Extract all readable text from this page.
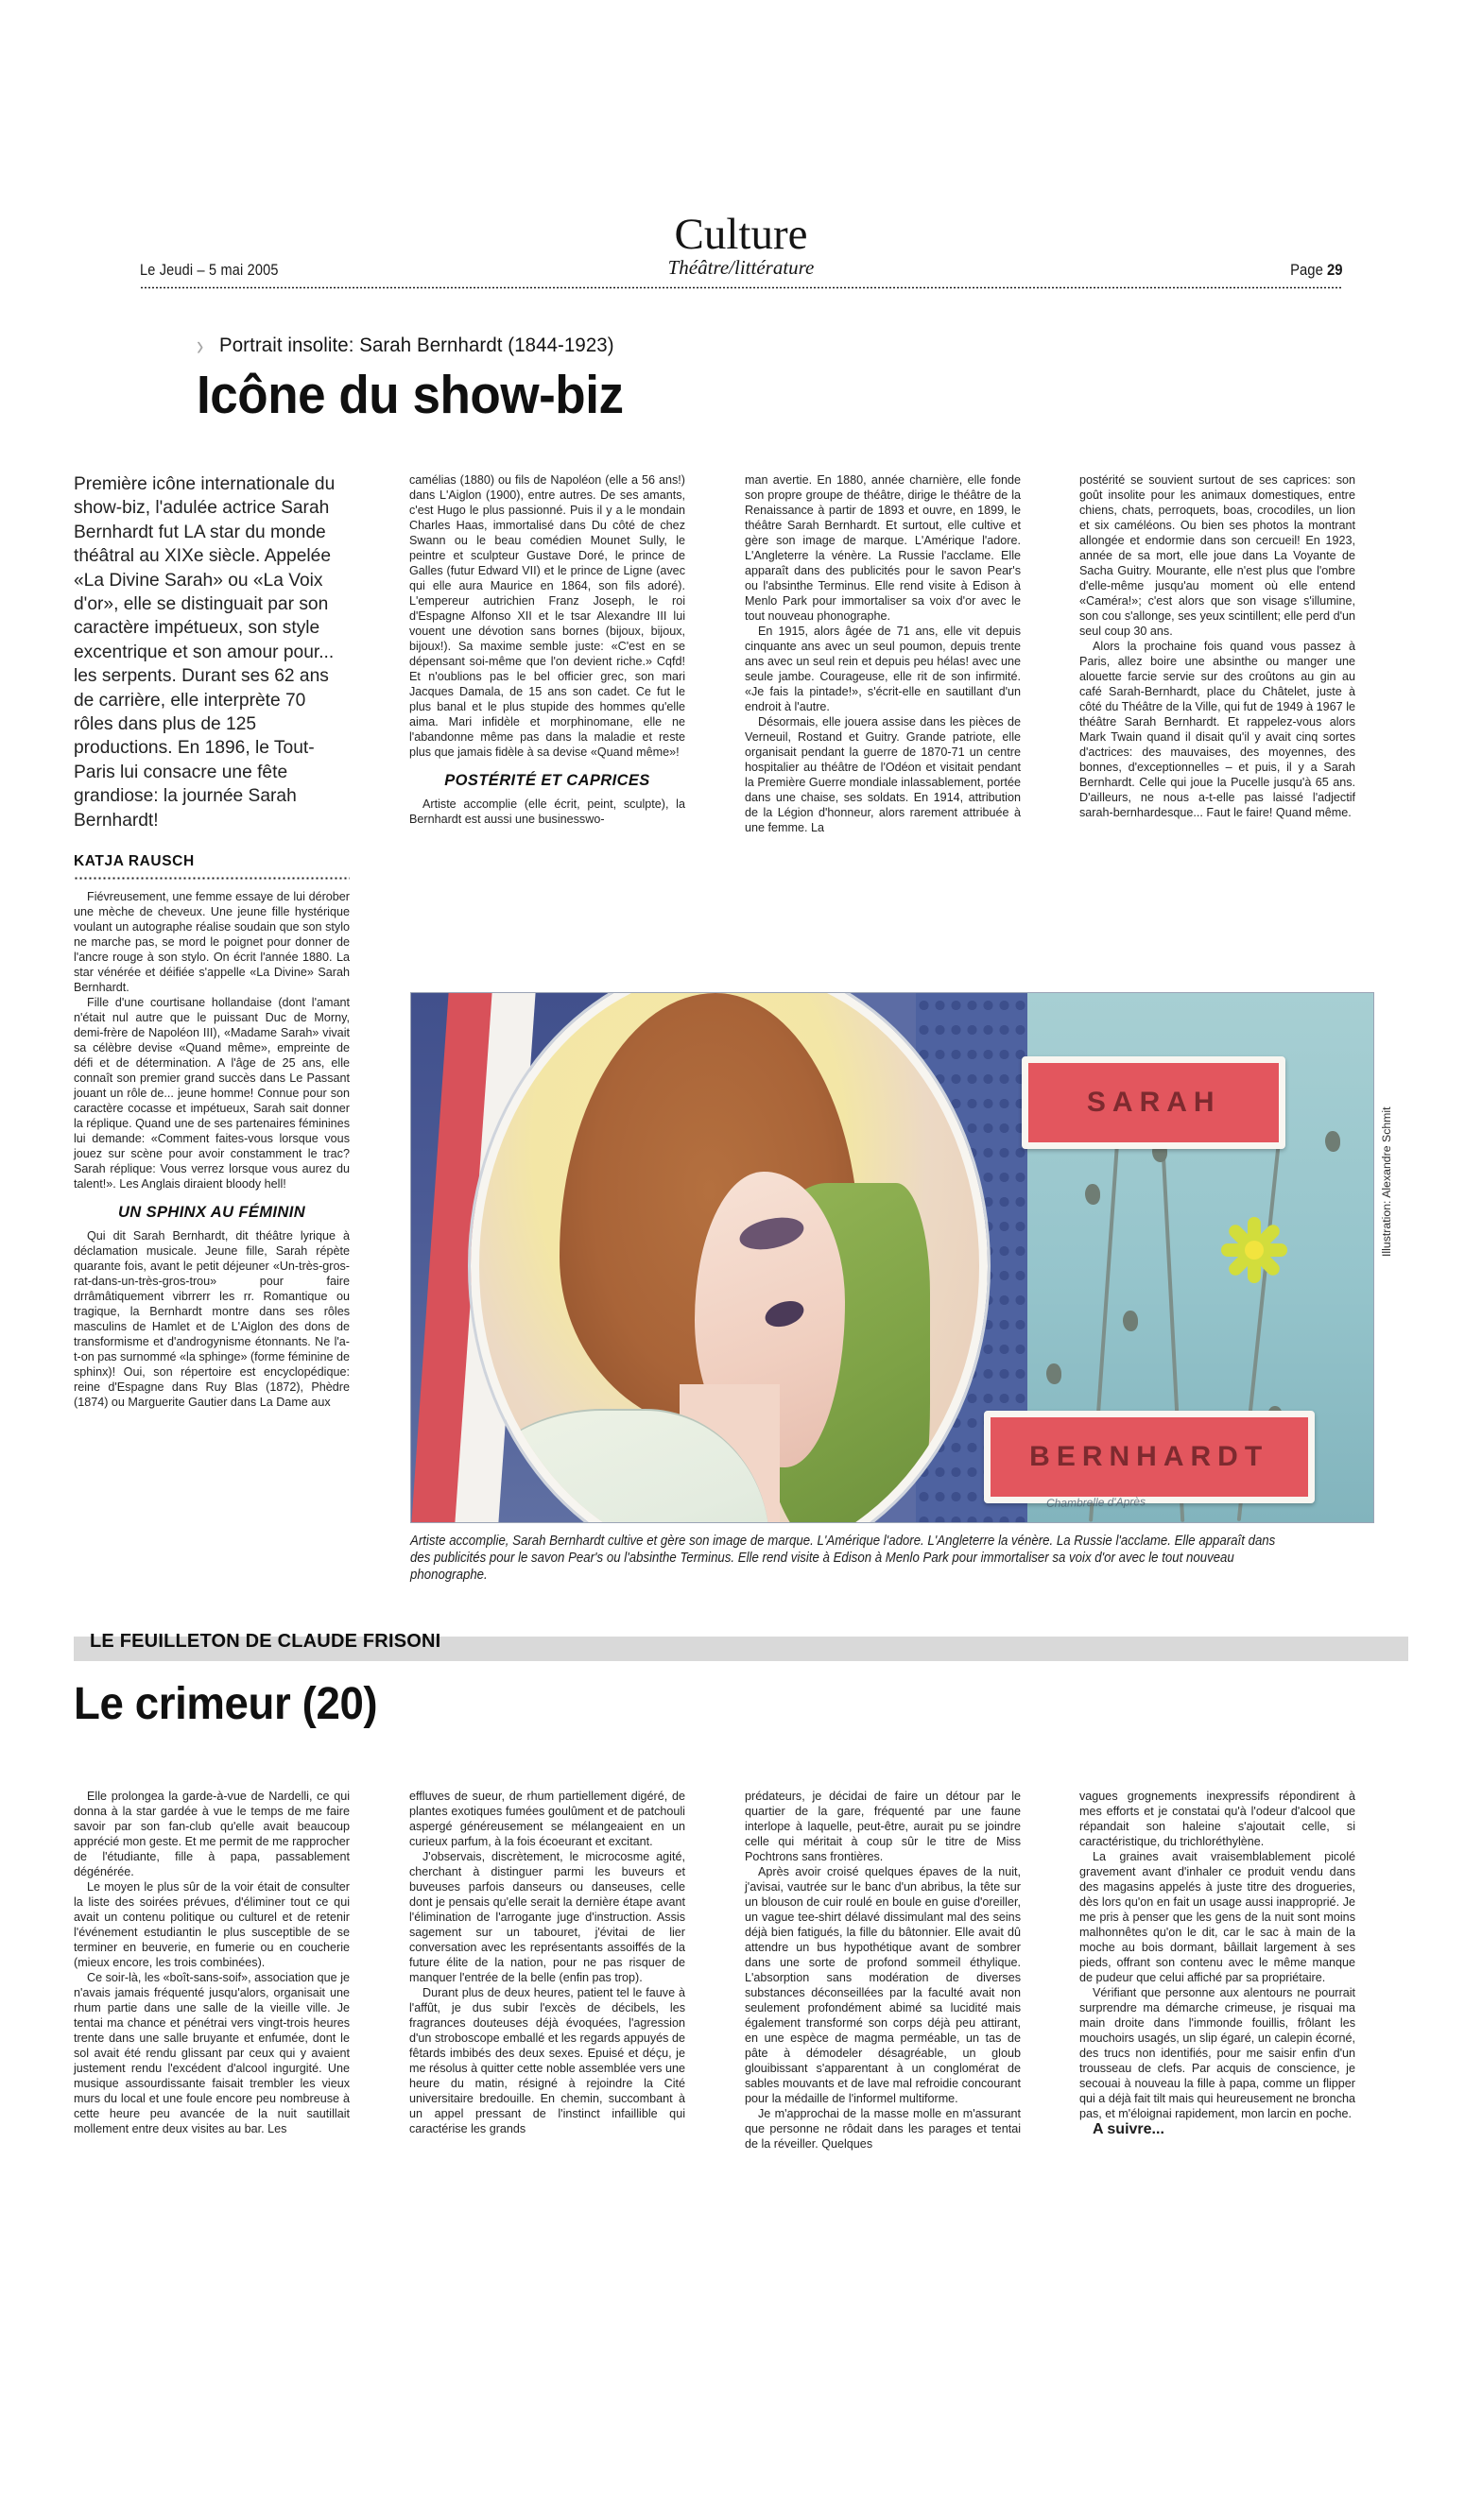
Culture
Le Jeudi – 5 mai 2005	Théâtre/littérature	Page 29
› Portrait insolite: Sarah Bernhardt (1844-1923)
Icône du show-biz

Première icône internationale du show-biz, l'adulée actrice Sarah Bernhardt fut LA star du monde théâtral au XIXe siècle. Appelée «La Divine Sarah» ou «La Voix d'or», elle se distinguait par son caractère impétueux, son style excentrique et son amour pour... les serpents. Durant ses 62 ans de carrière, elle interprète 70 rôles dans plus de 125 productions. En 1896, le Tout-Paris lui consacre une fête grandiose: la journée Sarah Bernhardt!

KATJA RAUSCH

Fiévreusement, une femme essaye de lui dérober une mèche de cheveux. Une jeune fille hystérique voulant un autographe réalise soudain que son stylo ne marche pas, se mord le poignet pour donner de l'ancre rouge à son stylo. On écrit l'année 1880. La star vénérée et déifiée s'appelle «La Divine» Sarah Bernhardt.

Fille d'une courtisane hollandaise (dont l'amant n'était nul autre que le puissant Duc de Morny, demi-frère de Napoléon III), «Madame Sarah» vivait sa célèbre devise «Quand même», empreinte de défi et de détermination. A l'âge de 25 ans, elle connaît son premier grand succès dans Le Passant jouant un rôle de... jeune homme! Connue pour son caractère cocasse et impétueux, Sarah sait donner la réplique. Quand une de ses partenaires féminines lui demande: «Comment faites-vous lorsque vous jouez sur scène pour avoir constamment le trac? Sarah réplique: Vous verrez lorsque vous aurez du talent!». Les Anglais diraient bloody hell!

UN SPHINX AU FÉMININ

Qui dit Sarah Bernhardt, dit théâtre lyrique à déclamation musicale. Jeune fille, Sarah répète quarante fois, avant le petit déjeuner «Un-très-gros-rat-dans-un-très-gros-trou» pour faire drrâmâtiquement vibrrerr les rr. Romantique ou tragique, la Bernhardt montre dans ses rôles masculins de Hamlet et de L'Aiglon des dons de transformisme et d'androgynisme étonnants. Ne l'a-t-on pas surnommé «la sphinge» (forme féminine de sphinx)! Oui, son répertoire est encyclopédique: reine d'Espagne dans Ruy Blas (1872), Phèdre (1874) ou Marguerite Gautier dans La Dame aux

camélias (1880) ou fils de Napoléon (elle a 56 ans!) dans L'Aiglon (1900), entre autres. De ses amants, c'est Hugo le plus passionné. Puis il y a le mondain Charles Haas, immortalisé dans Du côté de chez Swann ou le beau comédien Mounet Sully, le peintre et sculpteur Gustave Doré, le prince de Galles (futur Edward VII) et le prince de Ligne (avec qui elle aura Maurice en 1864, son fils adoré). L'empereur autrichien Franz Joseph, le roi d'Espagne Alfonso XII et le tsar Alexandre III lui vouent une dévotion sans bornes (bijoux, bijoux, bijoux!). Sa maxime semble juste: «C'est en se dépensant soi-même que l'on devient riche.» Cqfd! Et n'oublions pas le bel officier grec, son mari Jacques Damala, de 15 ans son cadet. Ce fut le plus banal et le plus stupide des hommes qu'elle aima. Mari infidèle et morphinomane, elle ne l'abandonne même pas dans la maladie et reste plus que jamais fidèle à sa devise «Quand même»!

POSTÉRITÉ ET CAPRICES

Artiste accomplie (elle écrit, peint, sculpte), la Bernhardt est aussi une businesswo-

man avertie. En 1880, année charnière, elle fonde son propre groupe de théâtre, dirige le théâtre de la Renaissance à partir de 1893 et ouvre, en 1899, le théâtre Sarah Bernhardt. Et surtout, elle cultive et gère son image de marque. L'Amérique l'adore. L'Angleterre la vénère. La Russie l'acclame. Elle apparaît dans des publicités pour le savon Pear's ou l'absinthe Terminus. Elle rend visite à Edison à Menlo Park pour immortaliser sa voix d'or avec le tout nouveau phonographe.

En 1915, alors âgée de 71 ans, elle vit depuis cinquante ans avec un seul poumon, depuis trente ans avec un seul rein et depuis peu hélas! avec une seule jambe. Courageuse, elle rit de son infirmité. «Je fais la pintade!», s'écrit-elle en sautillant d'un endroit à l'autre.

Désormais, elle jouera assise dans les pièces de Verneuil, Rostand et Guitry. Grande patriote, elle organisait pendant la guerre de 1870-71 un centre hospitalier au théâtre de l'Odéon et visitait pendant la Première Guerre mondiale inlassablement, portée dans une chaise, ses soldats. En 1914, attribution de la Légion d'honneur, alors rarement attribuée à une femme. La

postérité se souvient surtout de ses caprices: son goût insolite pour les animaux domestiques, entre chiens, chats, perroquets, boas, crocodiles, un lion et six caméléons. Ou bien ses photos la montrant allongée et endormie dans son cercueil! En 1923, année de sa mort, elle joue dans La Voyante de Sacha Guitry. Mourante, elle n'est plus que l'ombre d'elle-même jusqu'au moment où elle entend «Caméra!»; c'est alors que son visage s'illumine, son cou s'allonge, ses yeux scintillent; elle perd d'un seul coup 30 ans.

Alors la prochaine fois quand vous passez à Paris, allez boire une absinthe ou manger une alouette farcie servie sur des croûtons au gin au café Sarah-Bernhardt, place du Châtelet, juste à côté du Théâtre de la Ville, qui fut de 1949 à 1967 le théâtre Sarah Bernhardt. Et rappelez-vous alors Mark Twain quand il disait qu'il y avait cinq sortes d'actrices: des mauvaises, des moyennes, des bonnes, d'exceptionnelles – et puis, il y a Sarah Bernhardt. Celle qui joue la Pucelle jusqu'à 65 ans. D'ailleurs, ne nous a-t-elle pas laissé l'adjectif sarah-bernhardesque... Faut le faire! Quand même.

SARAH
BERNHARDT
Chambrelle d'Après
Illustration: Alexandre Schmit
Artiste accomplie, Sarah Bernhardt cultive et gère son image de marque. L'Amérique l'adore. L'Angleterre la vénère. La Russie l'acclame. Elle apparaît dans des publicités pour le savon Pear's ou l'absinthe Terminus. Elle rend visite à Edison à Menlo Park pour immortaliser sa voix d'or avec le tout nouveau phonographe.
LE FEUILLETON DE CLAUDE FRISONI
Le crimeur (20)

Elle prolongea la garde-à-vue de Nardelli, ce qui donna à la star gardée à vue le temps de me faire savoir par son fan-club qu'elle avait beaucoup apprécié mon geste. Et me permit de me rapprocher de l'étudiante, fille à papa, passablement dégénérée.

Le moyen le plus sûr de la voir était de consulter la liste des soirées prévues, d'éliminer tout ce qui avait un contenu politique ou culturel et de retenir l'événement estudiantin le plus susceptible de se terminer en beuverie, en fumerie ou en coucherie (mieux encore, les trois combinées).

Ce soir-là, les «boît-sans-soif», association que je n'avais jamais fréquenté jusqu'alors, organisait une rhum partie dans une salle de la vieille ville. Je tentai ma chance et pénétrai vers vingt-trois heures trente dans une salle bruyante et enfumée, dont le sol avait été rendu glissant par ceux qui y avaient justement rendu l'excédent d'alcool ingurgité. Une musique assourdissante faisait trembler les vieux murs du local et une foule encore peu nombreuse à cette heure peu avancée de la nuit sautillait mollement entre deux visites au bar. Les

effluves de sueur, de rhum partiellement digéré, de plantes exotiques fumées goulûment et de patchouli aspergé généreusement se mélangeaient en un curieux parfum, à la fois écoeurant et excitant.

J'observais, discrètement, le microcosme agité, cherchant à distinguer parmi les buveurs et buveuses parfois danseurs ou danseuses, celle dont je pensais qu'elle serait la dernière étape avant l'élimination de l'arrogante juge d'instruction. Assis sagement sur un tabouret, j'évitai de lier conversation avec les représentants assoiffés de la future élite de la nation, pour ne pas risquer de manquer l'entrée de la belle (enfin pas trop).

Durant plus de deux heures, patient tel le fauve à l'affût, je dus subir l'excès de décibels, les fragrances douteuses déjà évoquées, l'agression d'un stroboscope emballé et les regards appuyés de fêtards imbibés des deux sexes. Epuisé et déçu, je me résolus à quitter cette noble assemblée vers une heure du matin, résigné à rejoindre la Cité universitaire bredouille. En chemin, succombant à un appel pressant de l'instinct infaillible qui caractérise les grands

prédateurs, je décidai de faire un détour par le quartier de la gare, fréquenté par une faune interlope à laquelle, peut-être, aurait pu se joindre celle qui méritait à coup sûr le titre de Miss Pochtrons sans frontières.

Après avoir croisé quelques épaves de la nuit, j'avisai, vautrée sur le banc d'un abribus, la tête sur un blouson de cuir roulé en boule en guise d'oreiller, un vague tee-shirt délavé dissimulant mal des seins déjà bien fatigués, la fille du bâtonnier. Elle avait dû attendre un bus hypothétique avant de sombrer dans une sorte de profond sommeil éthylique. L'absorption sans modération de diverses substances déconseillées par la faculté avait non seulement profondément abimé sa lucidité mais également transformé son corps déjà peu attirant, en une espèce de magma perméable, un tas de pâte à démodeler désagréable, un gloub glouibissant s'apparentant à un conglomérat de sables mouvants et de lave mal refroidie concourant pour la médaille de l'informel multiforme.

Je m'approchai de la masse molle en m'assurant que personne ne rôdait dans les parages et tentai de la réveiller. Quelques

vagues grognements inexpressifs répondirent à mes efforts et je constatai qu'à l'odeur d'alcool que répandait son haleine s'ajoutait celle, si caractéristique, du trichloréthylène.

La graines avait vraisemblablement picolé gravement avant d'inhaler ce produit vendu dans des magasins appelés à juste titre des drogueries, dès lors qu'on en fait un usage aussi inapproprié. Je me pris à penser que les gens de la nuit sont moins malhonnêtes qu'on le dit, car le sac à main de la moche au bois dormant, bâillait largement à ses pieds, offrant son contenu avec le même manque de pudeur que celui affiché par sa propriétaire.

Vérifiant que personne aux alentours ne pourrait surprendre ma démarche crimeuse, je risquai ma main droite dans l'immonde fouillis, frôlant les mouchoirs usagés, un slip égaré, un calepin écorné, des trucs non identifiés, pour me saisir enfin d'un trousseau de clefs. Par acquis de conscience, je secouai à nouveau la fille à papa, comme un flipper qui a déjà fait tilt mais qui heureusement ne broncha pas, et m'éloignai rapidement, mon larcin en poche.

A suivre...
